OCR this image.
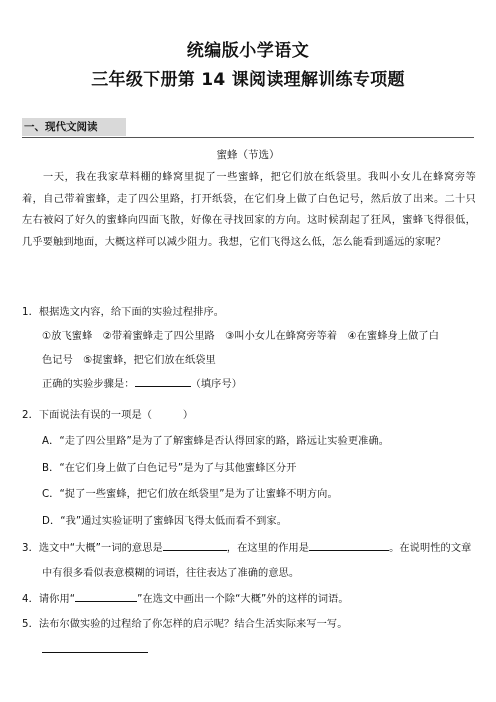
统编版小学语文
三年级下册第 14 课阅读理解训练专项题
一、现代文阅读
蜜蜂（节选）
一天，我在我家草料棚的蜂窝里捉了一些蜜蜂，把它们放在纸袋里。我叫小女儿在蜂窝旁等着，自己带着蜜蜂，走了四公里路，打开纸袋，在它们身上做了白色记号，然后放了出来。二十只左右被闷了好久的蜜蜂向四面飞散，好像在寻找回家的方向。这时候刮起了狂风，蜜蜂飞得很低，几乎要触到地面，大概这样可以减少阻力。我想，它们飞得这么低，怎么能看到遥远的家呢？
1．根据选文内容，给下面的实验过程排序。
①放飞蜜蜂　②带着蜜蜂走了四公里路　③叫小女儿在蜂窝旁等着　④在蜜蜂身上做了白
色记号　⑤捉蜜蜂，把它们放在纸袋里
正确的实验步骤是：	（填序号）
2．下面说法有误的一项是（　　　）
A．“走了四公里路”是为了了解蜜蜂是否认得回家的路，路远让实验更准确。
B．“在它们身上做了白色记号”是为了与其他蜜蜂区分开
C．“捉了一些蜜蜂，把它们放在纸袋里”是为了让蜜蜂不明方向。
D．“我”通过实验证明了蜜蜂因飞得太低而看不到家。
3．选文中“大概”一词的意思是	，在这里的作用是	。在说明性的文章
中有很多看似表意模糊的词语，往往表达了准确的意思。
4．请你用“	”在选文中画出一个除“大概”外的这样的词语。
5．法布尔做实验的过程给了你怎样的启示呢？结合生活实际来写一写。
